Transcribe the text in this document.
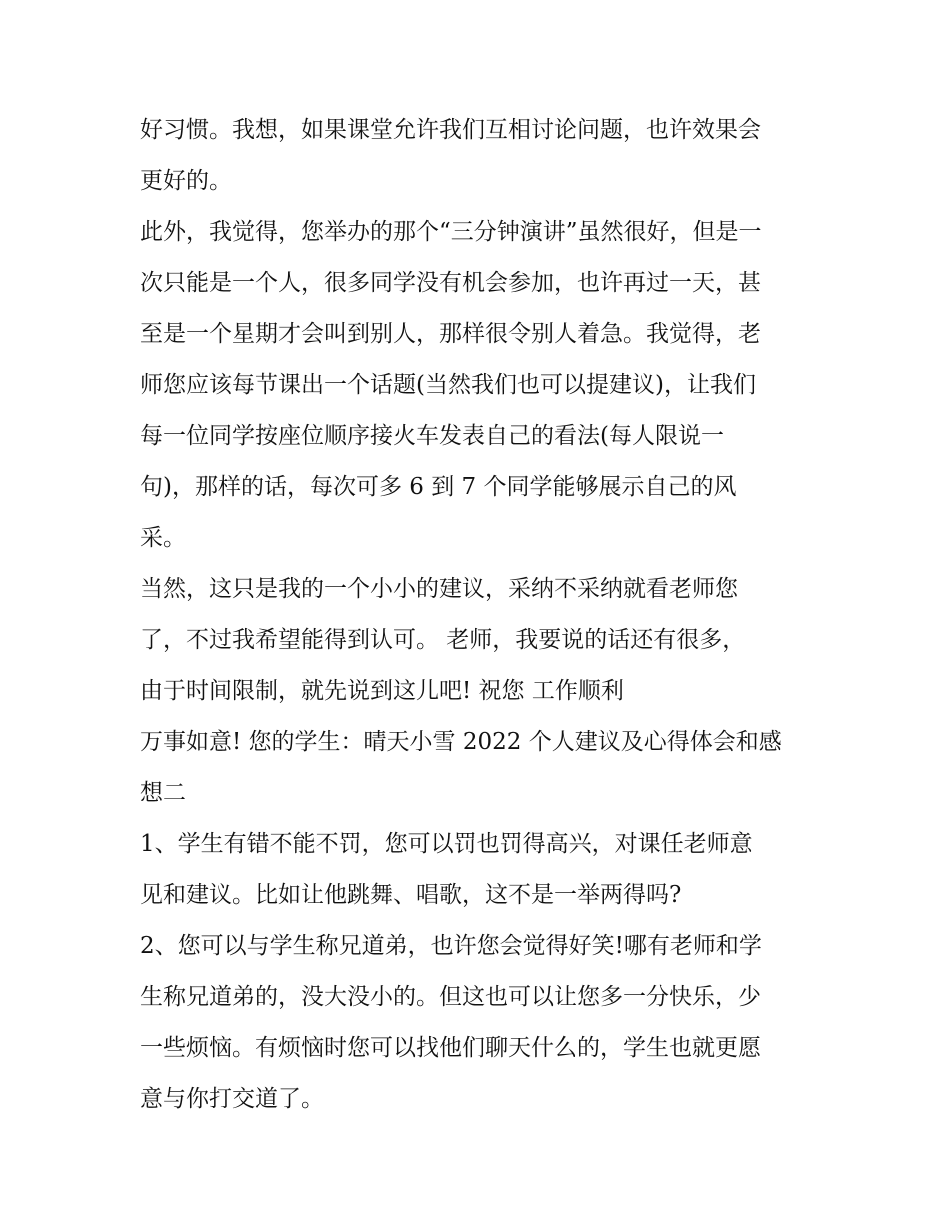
好习惯。我想，如果课堂允许我们互相讨论问题，也许效果会
更好的。
此外，我觉得，您举办的那个“三分钟演讲”虽然很好，但是一
次只能是一个人，很多同学没有机会参加，也许再过一天，甚
至是一个星期才会叫到别人，那样很令别人着急。我觉得，老
师您应该每节课出一个话题(当然我们也可以提建议)，让我们
每一位同学按座位顺序接火车发表自己的看法(每人限说一
句)，那样的话，每次可多 6 到 7 个同学能够展示自己的风
采。
当然，这只是我的一个小小的建议，采纳不采纳就看老师您
了，不过我希望能得到认可。 老师，我要说的话还有很多，
由于时间限制，就先说到这儿吧! 祝您 工作顺利
万事如意! 您的学生：晴天小雪 2022 个人建议及心得体会和感
想二
1、学生有错不能不罚，您可以罚也罚得高兴，对课任老师意
见和建议。比如让他跳舞、唱歌，这不是一举两得吗?
2、您可以与学生称兄道弟，也许您会觉得好笑!哪有老师和学
生称兄道弟的，没大没小的。但这也可以让您多一分快乐，少
一些烦恼。有烦恼时您可以找他们聊天什么的，学生也就更愿
意与你打交道了。
